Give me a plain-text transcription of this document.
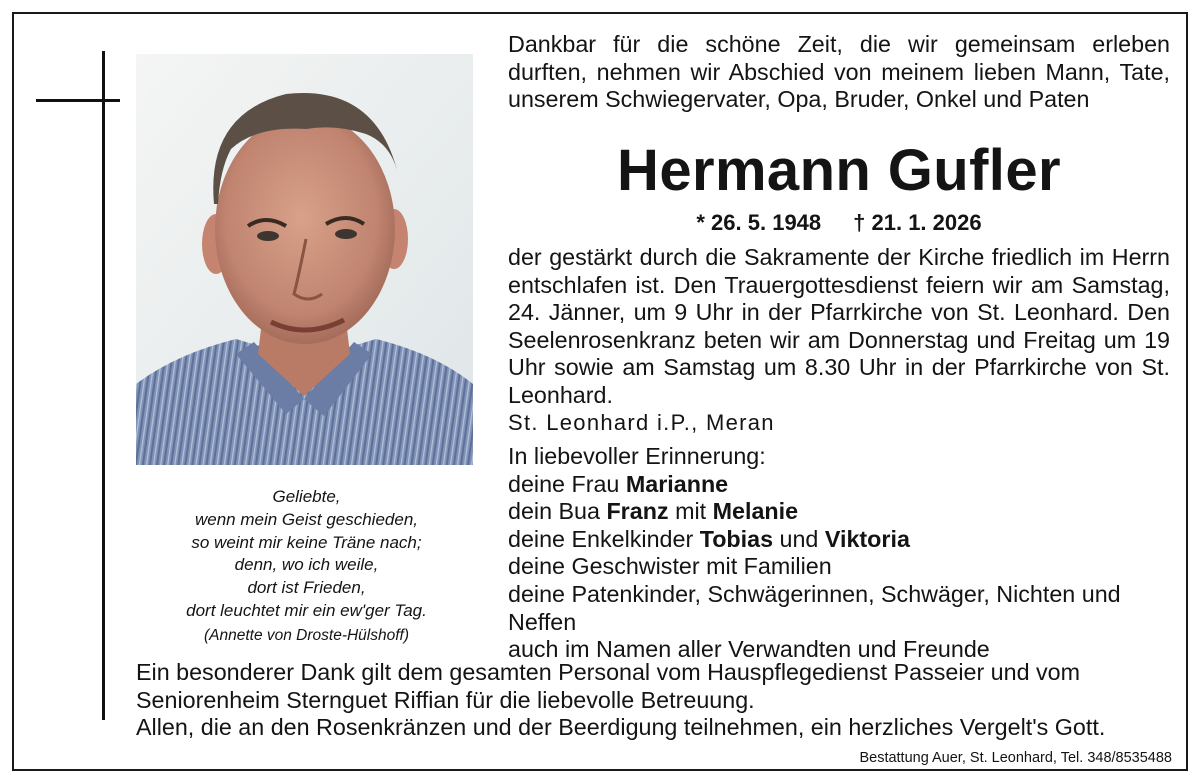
Geliebte,
wenn mein Geist geschieden,
so weint mir keine Träne nach;
denn, wo ich weile,
dort ist Frieden,
dort leuchtet mir ein ew'ger Tag.
(Annette von Droste-Hülshoff)
Dankbar für die schöne Zeit, die wir gemeinsam erleben durften, nehmen wir Abschied von meinem lieben Mann, Tate, unserem Schwiegervater, Opa, Bruder, Onkel und Paten
Hermann Gufler
* 26. 5. 1948 † 21. 1. 2026
der gestärkt durch die Sakramente der Kirche friedlich im Herrn entschlafen ist. Den Trauergottesdienst feiern wir am Samstag, 24. Jänner, um 9 Uhr in der Pfarrkirche von St. Leonhard. Den Seelenrosenkranz beten wir am Donnerstag und Freitag um 19 Uhr sowie am Samstag um 8.30 Uhr in der Pfarrkirche von St. Leonhard.
St. Leonhard i.P., Meran
In liebevoller Erinnerung:
deine Frau Marianne
dein Bua Franz mit Melanie
deine Enkelkinder Tobias und Viktoria
deine Geschwister mit Familien
deine Patenkinder, Schwägerinnen, Schwäger, Nichten und Neffen
auch im Namen aller Verwandten und Freunde
Ein besonderer Dank gilt dem gesamten Personal vom Hauspflegedienst Passeier und vom Seniorenheim Sternguet Riffian für die liebevolle Betreuung.
Allen, die an den Rosenkränzen und der Beerdigung teilnehmen, ein herzliches Vergelt's Gott.
Bestattung Auer, St. Leonhard, Tel. 348/8535488
